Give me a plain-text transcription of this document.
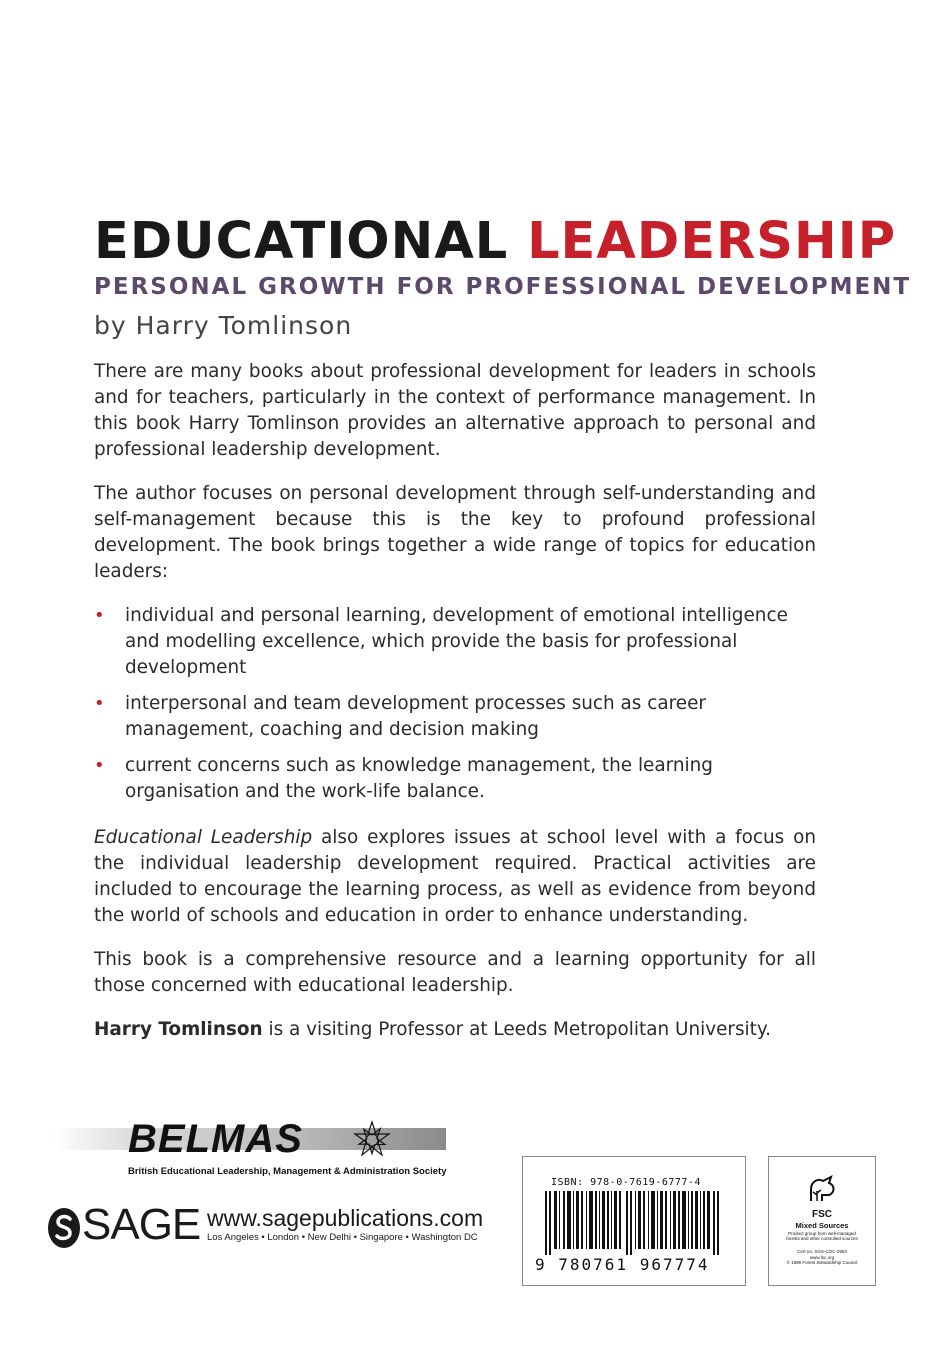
EDUCATIONAL LEADERSHIP
PERSONAL GROWTH FOR PROFESSIONAL DEVELOPMENT
by Harry Tomlinson

There are many books about professional development for leaders in schools and for teachers, particularly in the context of performance management. In this book Harry Tomlinson provides an alternative approach to personal and professional leadership development.

The author focuses on personal development through self-understanding and self-management because this is the key to profound professional development. The book brings together a wide range of topics for education leaders:

• individual and personal learning, development of emotional intelligence and modelling excellence, which provide the basis for professional development
• interpersonal and team development processes such as career management, coaching and decision making
• current concerns such as knowledge management, the learning organisation and the work-life balance.

Educational Leadership also explores issues at school level with a focus on the individual leadership development required. Practical activities are included to encourage the learning process, as well as evidence from beyond the world of schools and education in order to enhance understanding.

This book is a comprehensive resource and a learning opportunity for all those concerned with educational leadership.

Harry Tomlinson is a visiting Professor at Leeds Metropolitan University.

BELMAS
British Educational Leadership, Management & Administration Society
SAGE www.sagepublications.com
Los Angeles • London • New Delhi • Singapore • Washington DC
ISBN: 978-0-7619-6777-4
9 780761 967774
FSC
Mixed Sources
Product group from well-managed forests and other controlled sources
Cert no. SGS-COC-2953
www.fsc.org
© 1996 Forest Stewardship Council
